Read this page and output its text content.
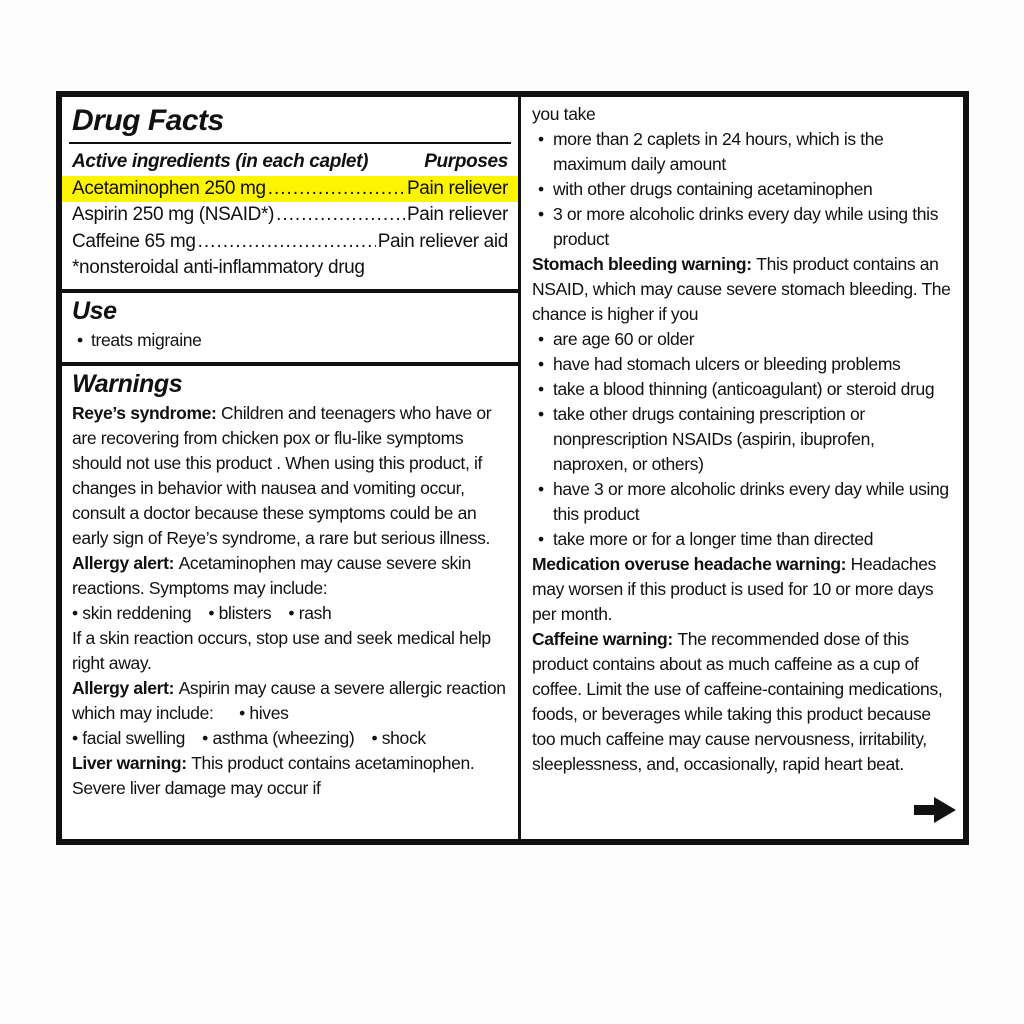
Drug Facts
Active ingredients (in each caplet)	Purposes
Acetaminophen 250 mg .....	Pain reliever
Aspirin 250 mg (NSAID*) .....	Pain reliever
Caffeine 65 mg .....	Pain reliever aid
*nonsteroidal anti-inflammatory drug
Use
• treats migraine
Warnings
Reye’s syndrome: Children and teenagers who have or are recovering from chicken pox or flu-like symptoms should not use this product . When using this product, if changes in behavior with nausea and vomiting occur, consult a doctor because these symptoms could be an early sign of Reye’s syndrome, a rare but serious illness.
Allergy alert: Acetaminophen may cause severe skin reactions. Symptoms may include:
• skin reddening • blisters • rash
If a skin reaction occurs, stop use and seek medical help right away.
Allergy alert: Aspirin may cause a severe allergic reaction which may include:  • hives
• facial swelling • asthma (wheezing) • shock
Liver warning: This product contains acetaminophen. Severe liver damage may occur if
you take
• more than 2 caplets in 24 hours, which is the maximum daily amount
• with other drugs containing acetaminophen
• 3 or more alcoholic drinks every day while using this product
Stomach bleeding warning: This product contains an NSAID, which may cause severe stomach bleeding. The chance is higher if you
• are age 60 or older
• have had stomach ulcers or bleeding problems
• take a blood thinning (anticoagulant) or steroid drug
• take other drugs containing prescription or nonprescription NSAIDs (aspirin, ibuprofen, naproxen, or others)
• have 3 or more alcoholic drinks every day while using this product
• take more or for a longer time than directed
Medication overuse headache warning: Headaches may worsen if this product is used for 10 or more days per month.
Caffeine warning: The recommended dose of this product contains about as much caffeine as a cup of coffee. Limit the use of caffeine-containing medications, foods, or beverages while taking this product because too much caffeine may cause nervousness, irritability, sleeplessness, and, occasionally, rapid heart beat.
